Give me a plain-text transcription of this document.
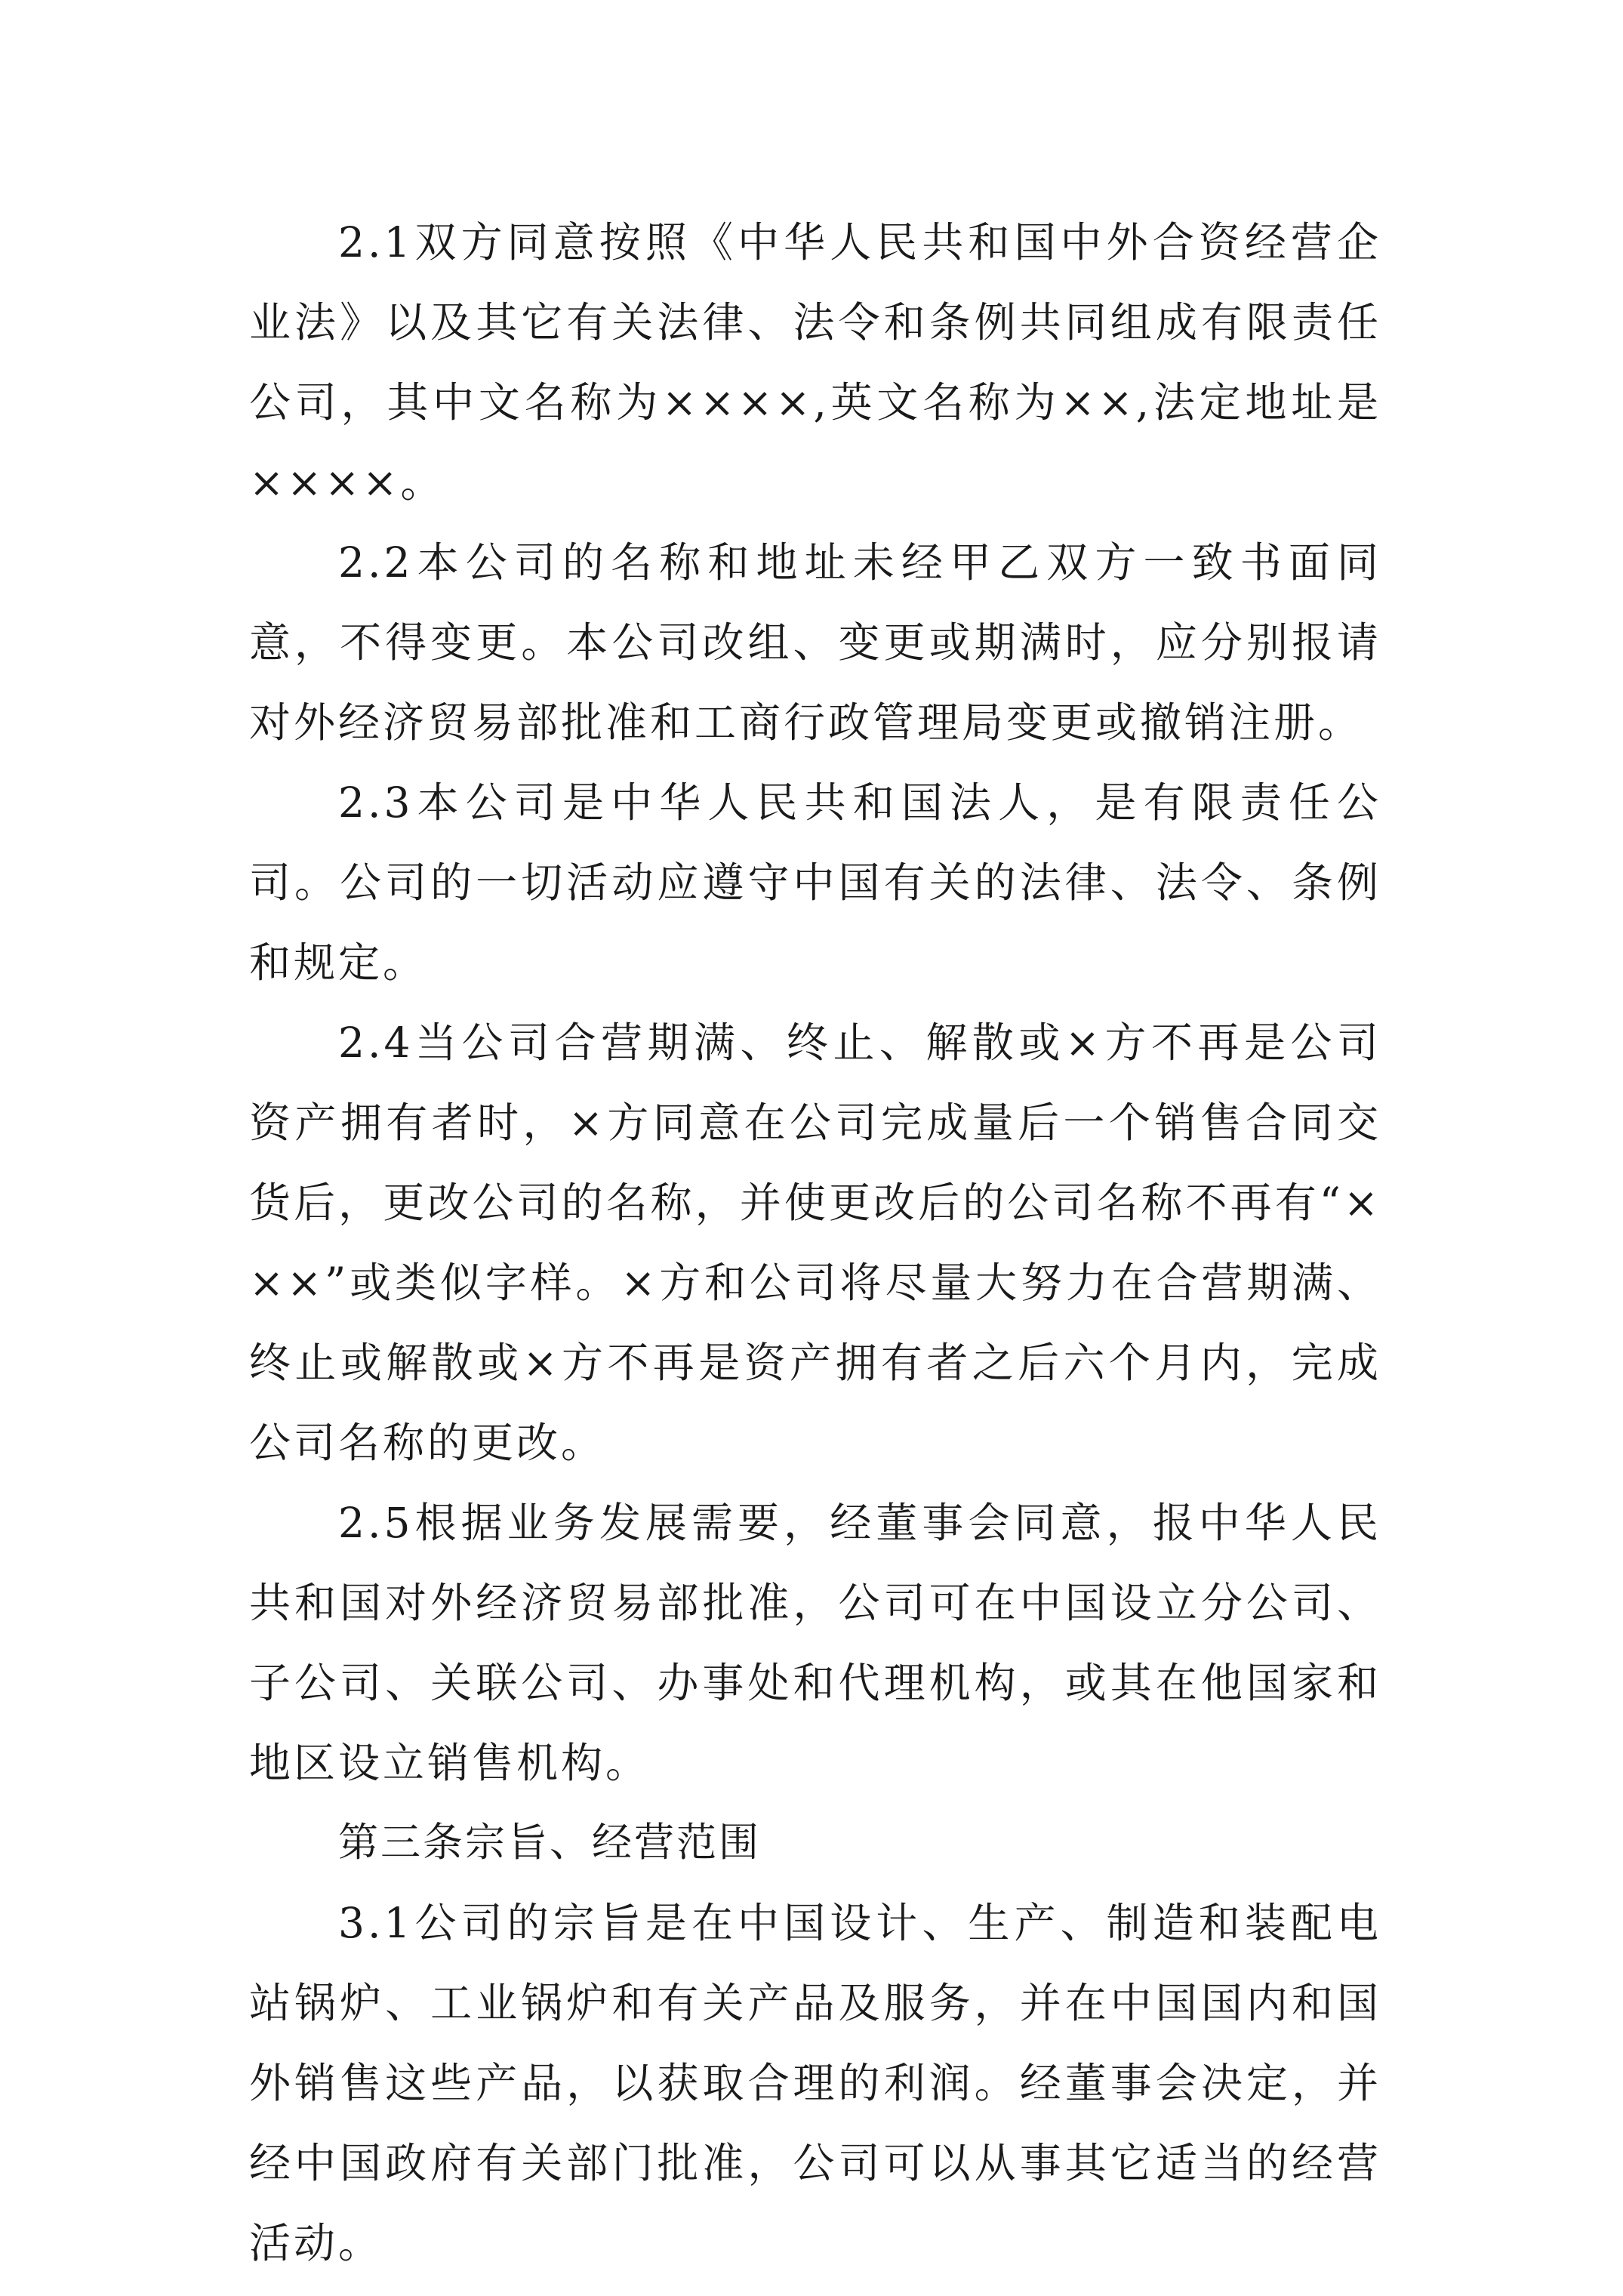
2.1双方同意按照《中华人民共和国中外合资经营企业法》以及其它有关法律、法令和条例共同组成有限责任公司，其中文名称为××××,英文名称为××,法定地址是××××。

2.2本公司的名称和地址未经甲乙双方一致书面同意，不得变更。本公司改组、变更或期满时，应分别报请对外经济贸易部批准和工商行政管理局变更或撤销注册。

2.3本公司是中华人民共和国法人，是有限责任公司。公司的一切活动应遵守中国有关的法律、法令、条例和规定。

2.4当公司合营期满、终止、解散或×方不再是公司资产拥有者时，×方同意在公司完成量后一个销售合同交货后，更改公司的名称，并使更改后的公司名称不再有“×××”或类似字样。×方和公司将尽量大努力在合营期满、终止或解散或×方不再是资产拥有者之后六个月内，完成公司名称的更改。

2.5根据业务发展需要，经董事会同意，报中华人民共和国对外经济贸易部批准，公司可在中国设立分公司、子公司、关联公司、办事处和代理机构，或其在他国家和地区设立销售机构。

第三条宗旨、经营范围

3.1公司的宗旨是在中国设计、生产、制造和装配电站锅炉、工业锅炉和有关产品及服务，并在中国国内和国外销售这些产品，以获取合理的利润。经董事会决定，并经中国政府有关部门批准，公司可以从事其它适当的经营活动。
